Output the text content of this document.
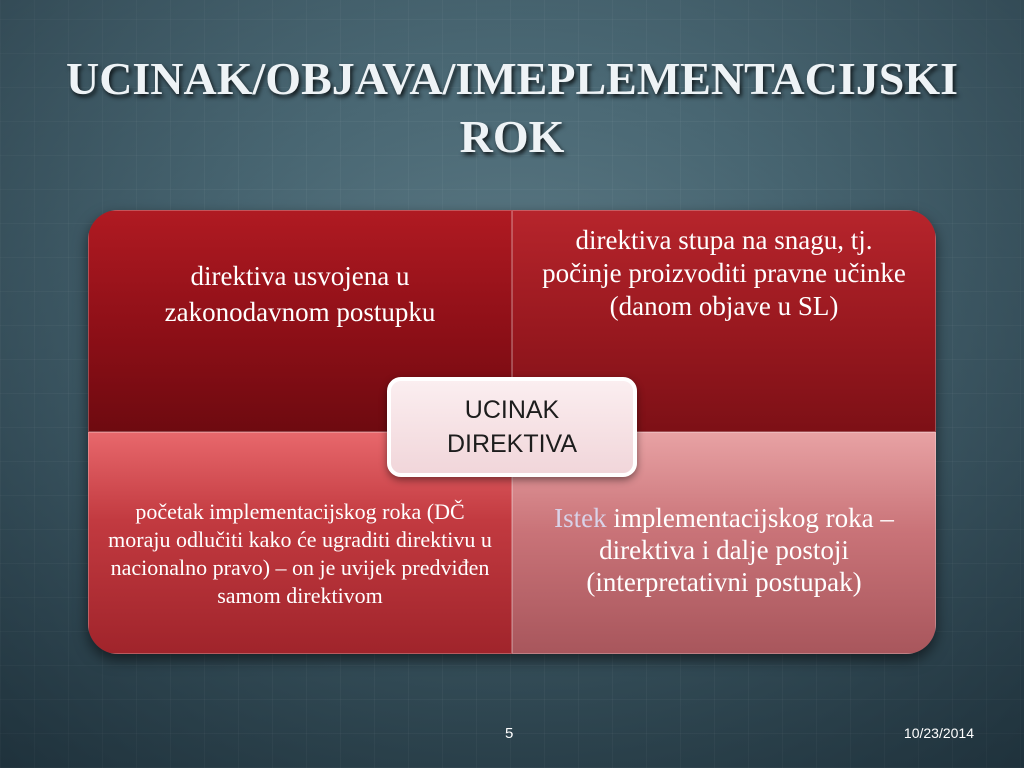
UCINAK/OBJAVA/IMEPLEMENTACIJSKI ROK
direktiva usvojena u zakonodavnom postupku
direktiva stupa na snagu, tj. počinje proizvoditi pravne učinke (danom objave u SL)
početak implementacijskog roka (DČ moraju odlučiti kako će ugraditi direktivu u nacionalno pravo) – on je uvijek predviđen samom direktivom
Istek implementacijskog roka – direktiva i dalje postoji (interpretativni postupak)
UCINAK
DIREKTIVA
5	10/23/2014
